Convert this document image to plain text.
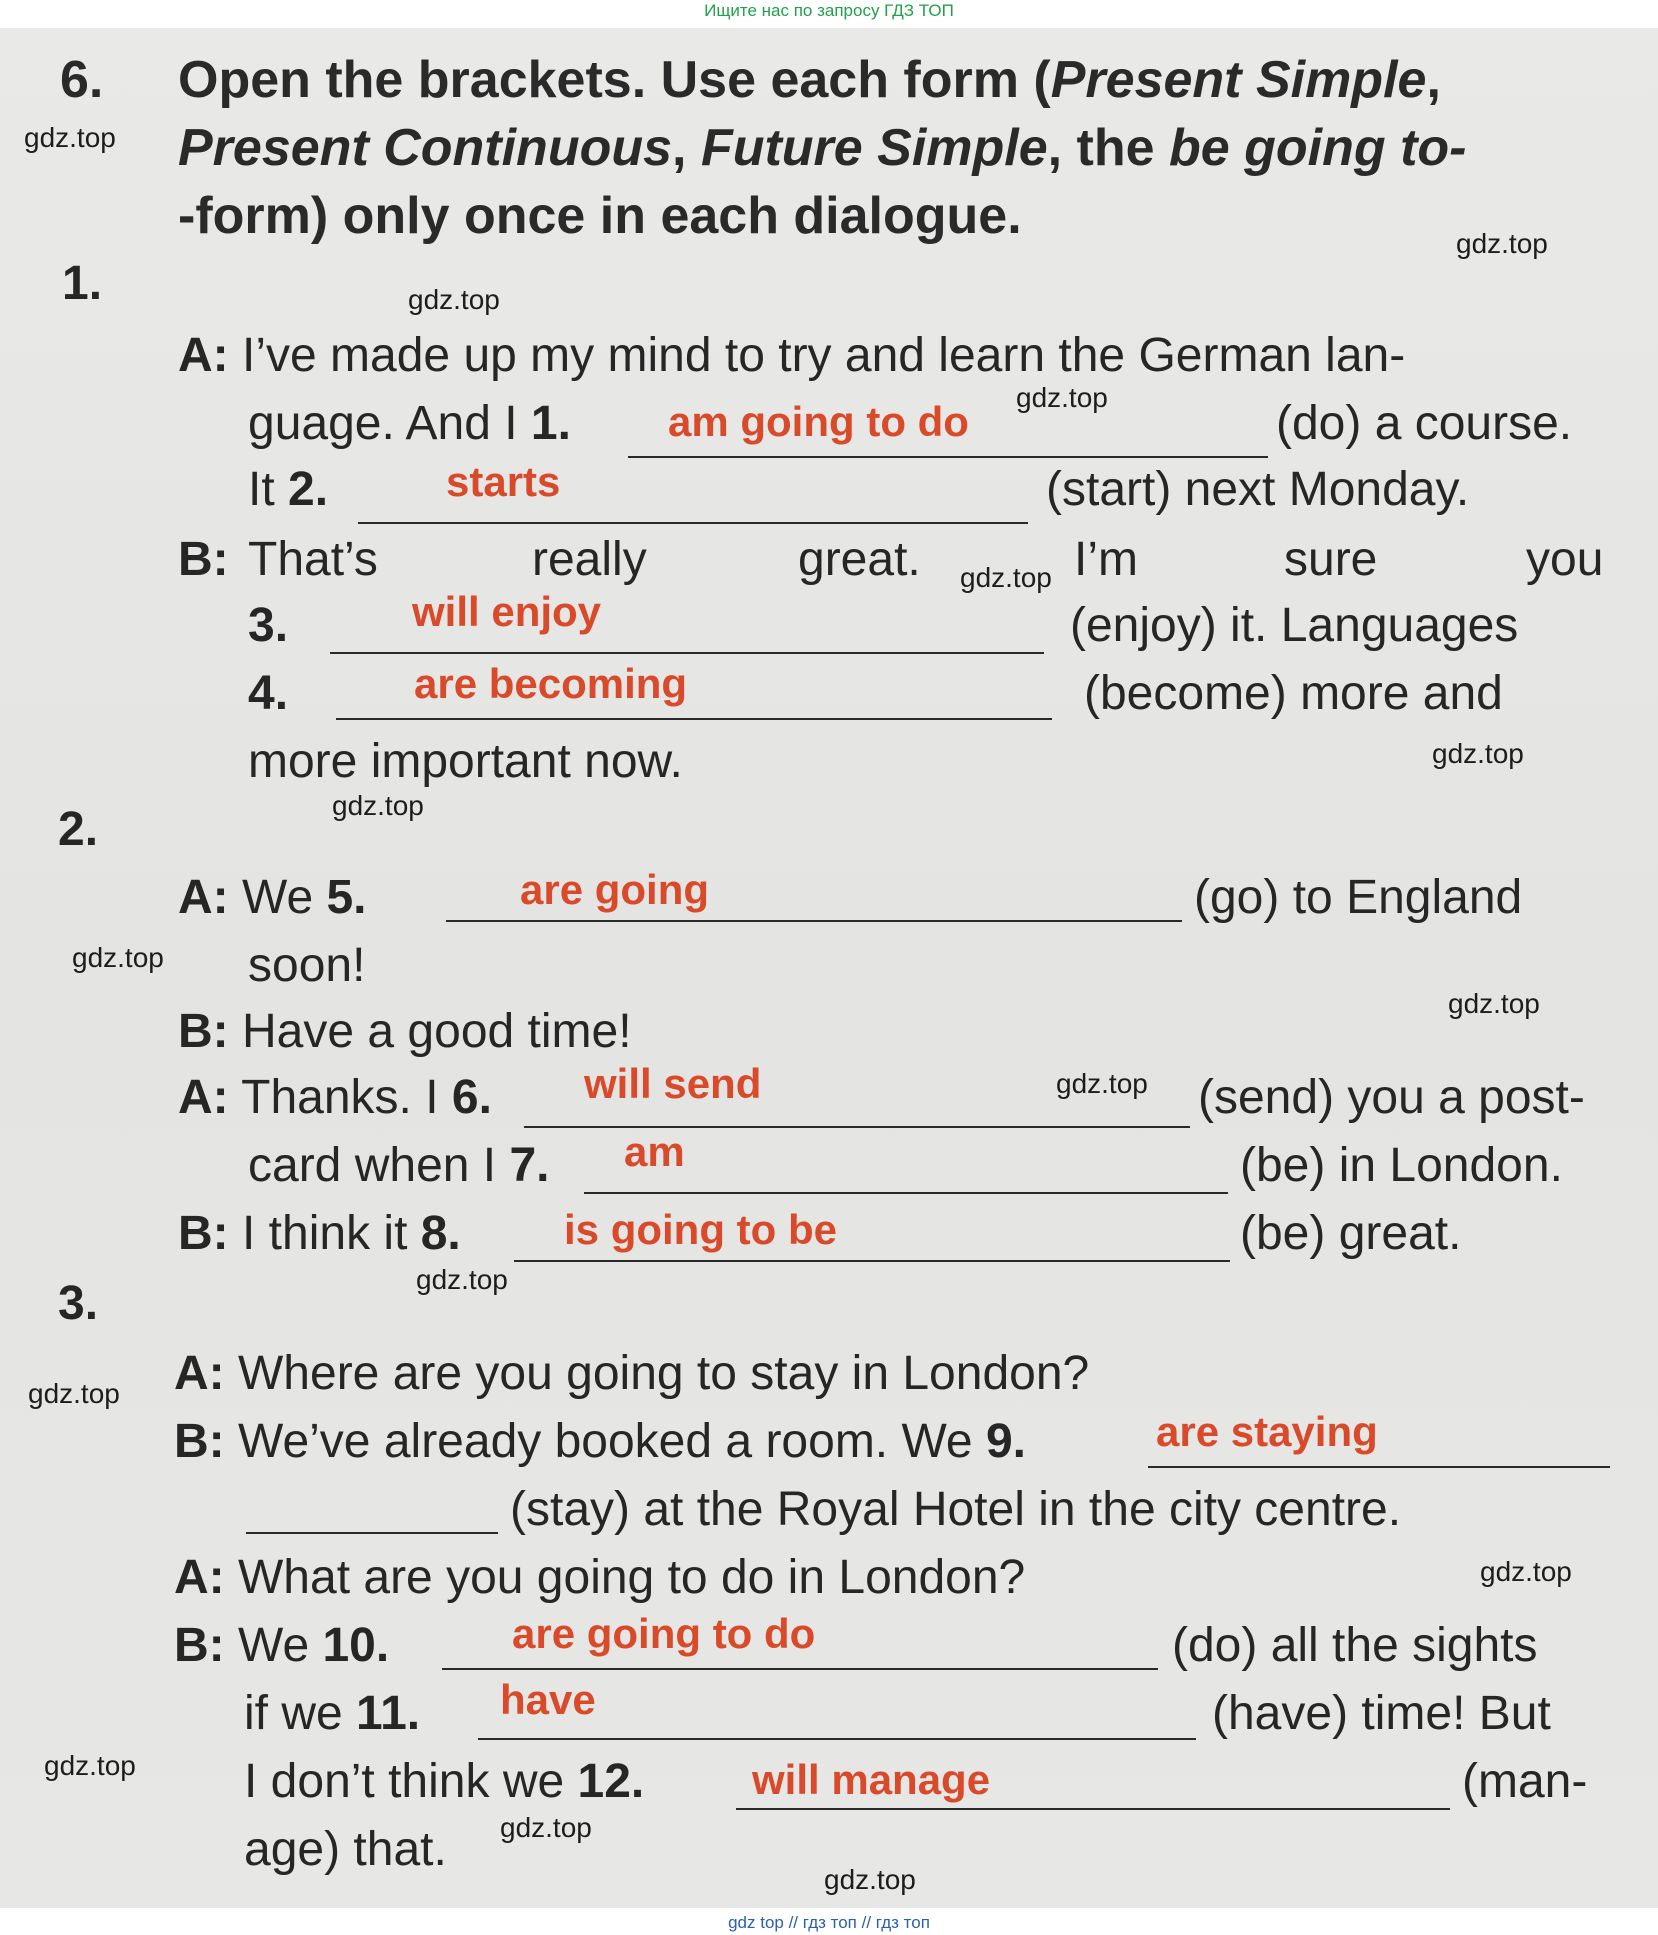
Ищите нас по запросу ГДЗ ТОП
6. Open the brackets. Use each form (Present Simple,
Present Continuous, Future Simple, the be going to-
-form) only once in each dialogue.
1.
A: I’ve made up my mind to try and learn the German lan-
guage. And I 1. am going to do	(do) a course.
It 2.	starts	(start) next Monday.
B: That’s	really	great.	I’m	sure	you
3.	will enjoy	(enjoy) it. Languages
4.	are becoming	(become) more and
more important now.
2.
A: We 5.	are going	(go) to England
soon!
B: Have a good time!
A: Thanks. I 6. will send	(send) you a post-
card when I 7. am	(be) in London.
B: I think it 8. is going to be	(be) great.
3.
A: Where are you going to stay in London?
B: We’ve already booked a room. We 9.	are staying
(stay) at the Royal Hotel in the city centre.
A: What are you going to do in London?
B: We 10.	are going to do	(do) all the sights
if we 11. have	(have) time! But
I don’t think we 12.	will manage	(man-
age) that.
gdz.top
gdz.top
gdz.top
gdz.top
gdz.top
gdz.top
gdz.top
gdz.top
gdz.top
gdz.top
gdz.top
gdz.top
gdz.top
gdz.top
gdz.top
gdz.top
gdz top // гдз топ // гдз топ
